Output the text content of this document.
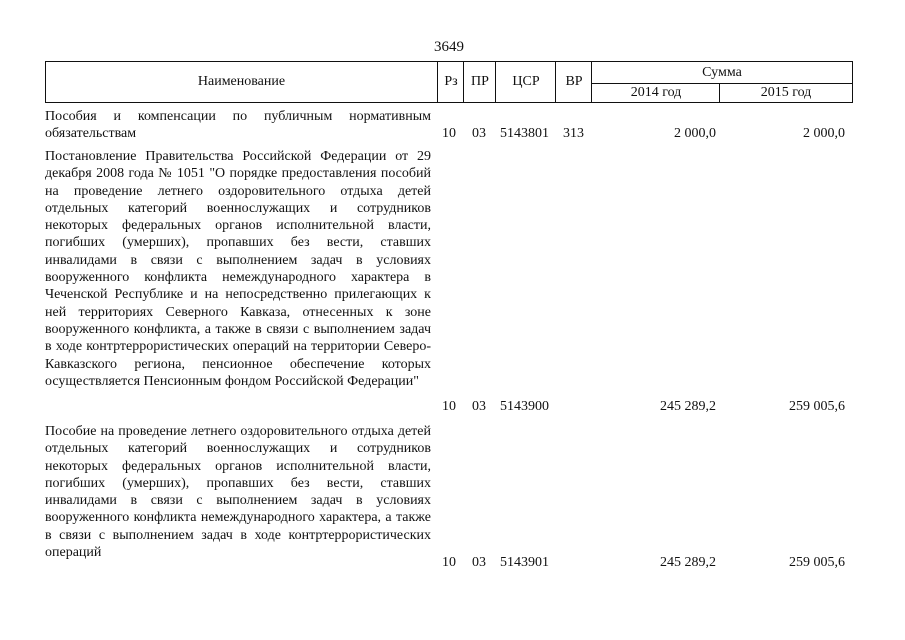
3649
Наименование	Рз ПР	ЦСР	ВР
Сумма
2014 год	2015 год
Пособия и компенсации по публичным нормативным обязательствам	10 03 5143801 313	2 000,0	2 000,0
Постановление Правительства Российской Федерации от 29 декабря 2008 года № 1051 "О порядке предоставления пособий на проведение летнего оздоровительного отдыха детей отдельных категорий военнослужащих и сотрудников некоторых федеральных органов исполнительной власти, погибших (умерших), пропавших без вести, ставших инвалидами в связи с выполнением задач в условиях вооруженного конфликта немеждународного характера в Чеченской Республике и на непосредственно прилегающих к ней территориях Северного Кавказа, отнесенных к зоне вооруженного конфликта, а также в связи с выполнением задач в ходе контртеррористических операций на территории Северо-Кавказского региона, пенсионное обеспечение которых осуществляется Пенсионным фондом Российской Федерации"
10 03 5143900	245 289,2	259 005,6
Пособие на проведение летнего оздоровительного отдыха детей отдельных категорий военнослужащих и сотрудников некоторых федеральных органов исполнительной власти, погибших (умерших), пропавших без вести, ставших инвалидами в связи с выполнением задач в условиях вооруженного конфликта немеждународного характера, а также в связи с выполнением задач в ходе контртеррористических операций
10 03 5143901	245 289,2	259 005,6
